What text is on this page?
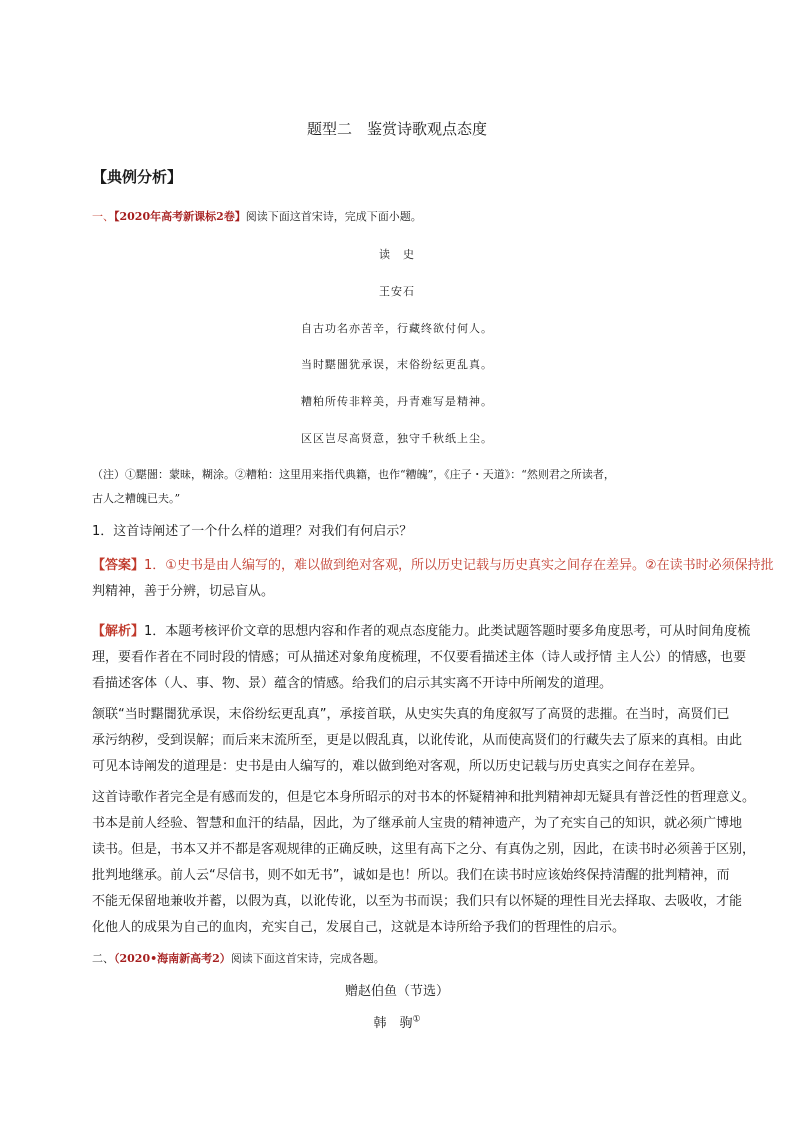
题型二　鉴赏诗歌观点态度
【典例分析】
一、【2020年高考新课标2卷】阅读下面这首宋诗，完成下面小题。
读　史
王安石
自古功名亦苦辛，行藏终欲付何人。
当时黮闇犹承误，末俗纷纭更乱真。
糟粕所传非粹美，丹青难写是精神。
区区岂尽高贤意，独守千秋纸上尘。
（注）①黮闇：蒙昧，糊涂。②糟粕：这里用来指代典籍，也作“糟魄”，《庄子・天道》：“然则君之所读者，
古人之糟魄已夫。”
1．这首诗阐述了一个什么样的道理？对我们有何启示？
【答案】1．①史书是由人编写的，难以做到绝对客观，所以历史记载与历史真实之间存在差异。②在读书时必须保持批
判精神，善于分辨，切忌盲从。
【解析】1．本题考核评价文章的思想内容和作者的观点态度能力。此类试题答题时要多角度思考，可从时间角度梳
理，要看作者在不同时段的情感；可从描述对象角度梳理，不仅要看描述主体（诗人或抒情 主人公）的情感，也要
看描述客体（人、事、物、景）蕴含的情感。给我们的启示其实离不开诗中所阐发的道理。
颔联“当时黮闇犹承误，末俗纷纭更乱真”，承接首联，从史实失真的角度叙写了高贤的悲摧。在当时，高贤们已
承污纳秽，受到误解；而后来末流所至，更是以假乱真，以讹传讹，从而使高贤们的行藏失去了原来的真相。由此
可见本诗阐发的道理是：史书是由人编写的，难以做到绝对客观，所以历史记载与历史真实之间存在差异。
这首诗歌作者完全是有感而发的，但是它本身所昭示的对书本的怀疑精神和批判精神却无疑具有普泛性的哲理意义。
书本是前人经验、智慧和血汗的结晶，因此，为了继承前人宝贵的精神遗产，为了充实自己的知识，就必须广博地
读书。但是，书本又并不都是客观规律的正确反映，这里有高下之分、有真伪之别，因此，在读书时必须善于区别，
批判地继承。前人云“尽信书，则不如无书”，诚如是也！所以。我们在读书时应该始终保持清醒的批判精神，而
不能无保留地兼收并蓄，以假为真，以讹传讹，以至为书而误；我们只有以怀疑的理性目光去择取、去吸收，才能
化他人的成果为自己的血肉，充实自己，发展自己，这就是本诗所给予我们的哲理性的启示。
二、（2020•海南新高考2）阅读下面这首宋诗，完成各题。
赠赵伯鱼（节选）
韩　驹①
